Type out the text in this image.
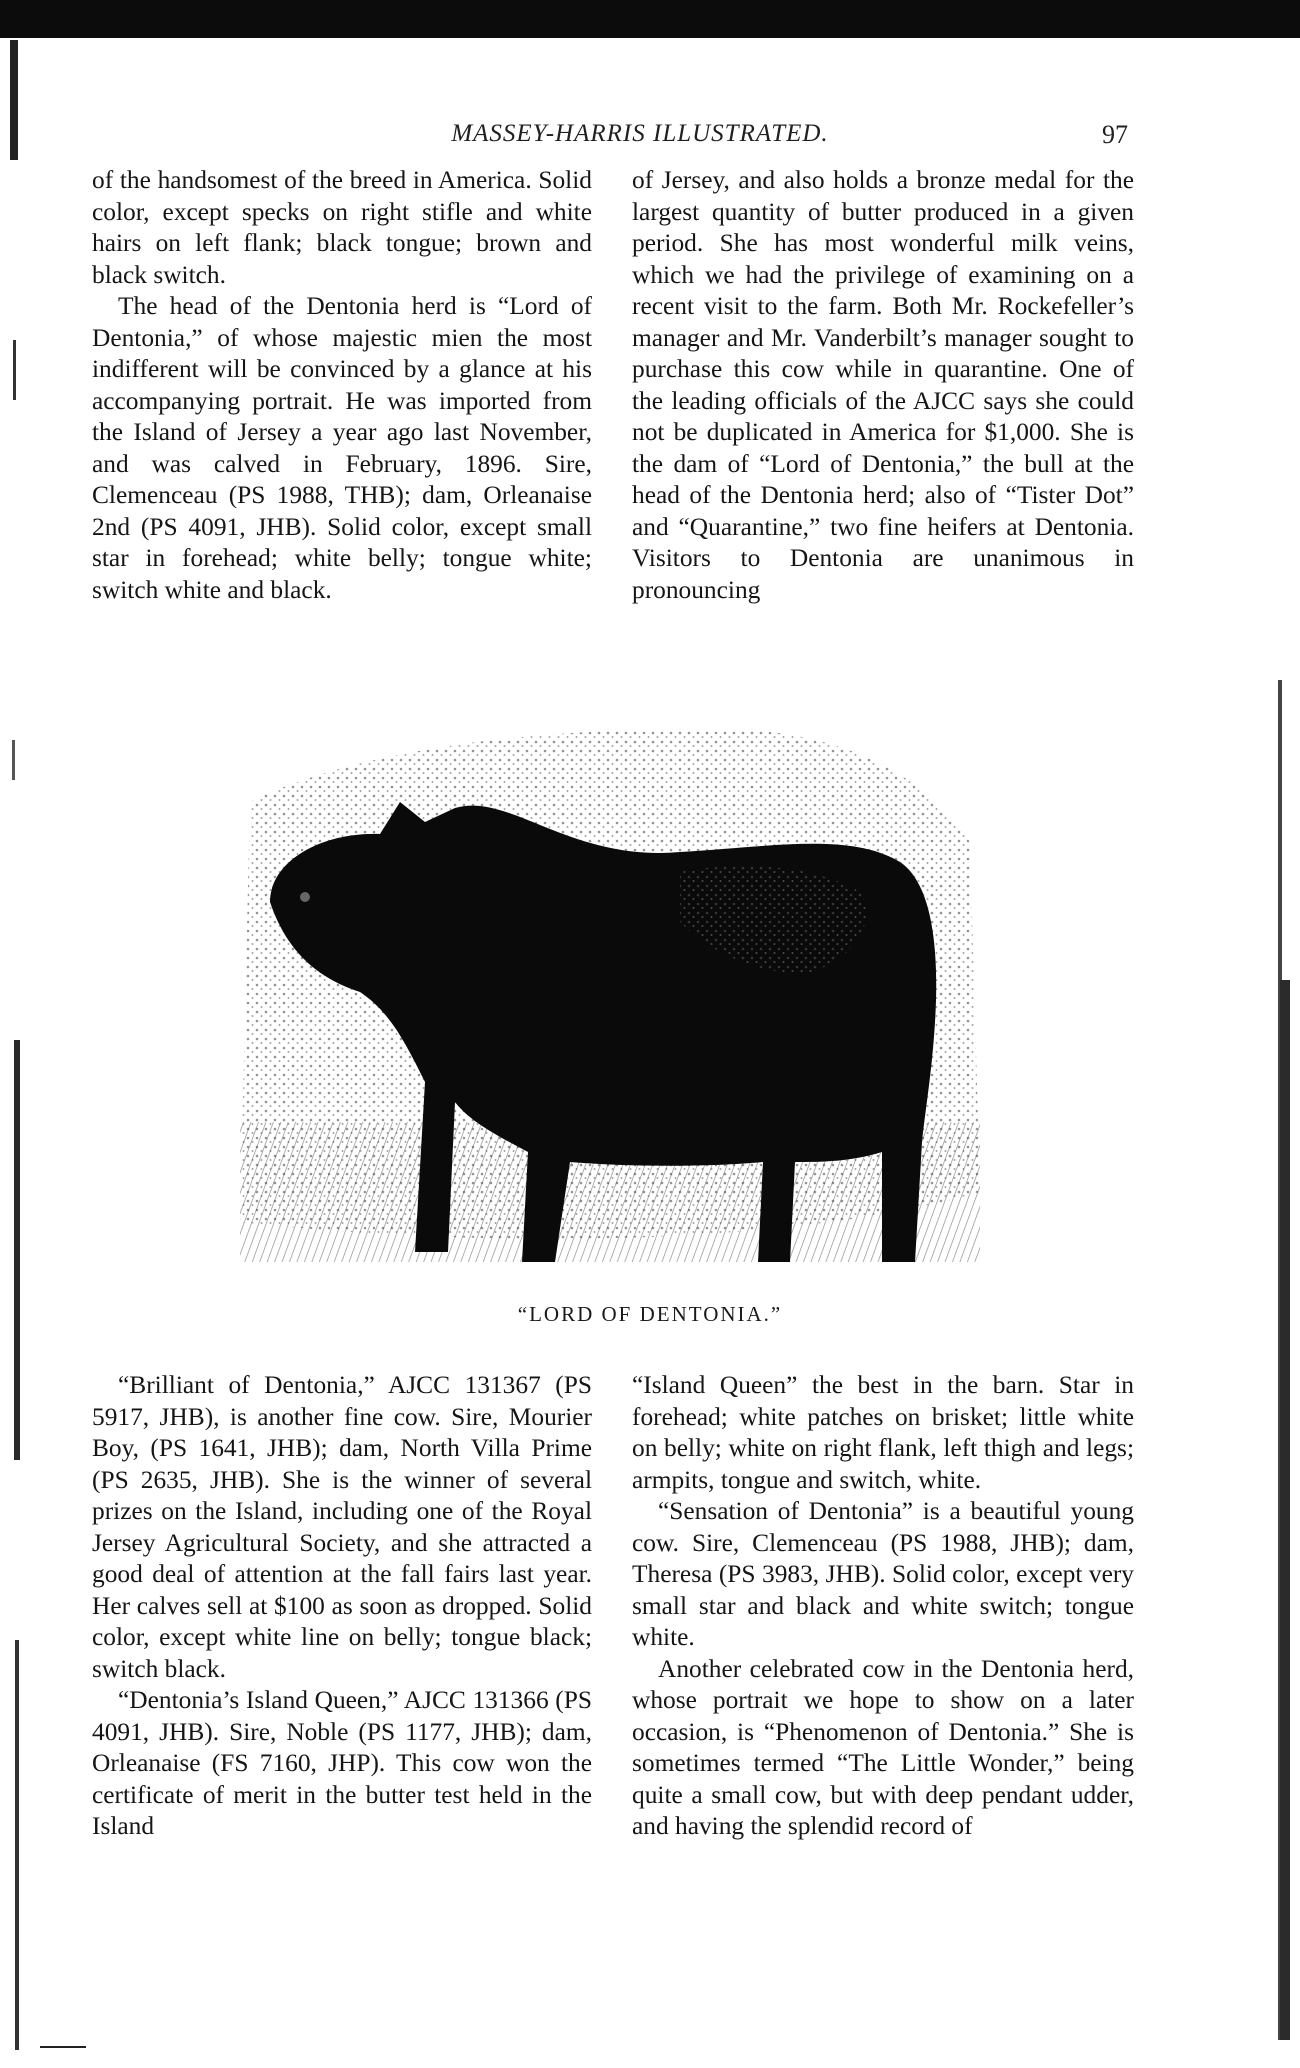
MASSEY-HARRIS ILLUSTRATED.	97

of the handsomest of the breed in America. Solid color, except specks on right stifle and white hairs on left flank; black tongue; brown and black switch.

The head of the Dentonia herd is “Lord of Dentonia,” of whose majestic mien the most indifferent will be convinced by a glance at his accompanying portrait. He was imported from the Island of Jersey a year ago last November, and was calved in February, 1896. Sire, Clemenceau (PS 1988, THB); dam, Orleanaise 2nd (PS 4091, JHB). Solid color, except small star in forehead; white belly; tongue white; switch white and black.

of Jersey, and also holds a bronze medal for the largest quantity of butter produced in a given period. She has most wonderful milk veins, which we had the privilege of examining on a recent visit to the farm. Both Mr. Rockefeller’s manager and Mr. Vanderbilt’s manager sought to purchase this cow while in quarantine. One of the leading officials of the AJCC says she could not be duplicated in America for $1,000. She is the dam of “Lord of Dentonia,” the bull at the head of the Dentonia herd; also of “Tister Dot” and “Quarantine,” two fine heifers at Dentonia. Visitors to Dentonia are unanimous in pronouncing

“LORD OF DENTONIA.”

“Brilliant of Dentonia,” AJCC 131367 (PS 5917, JHB), is another fine cow. Sire, Mourier Boy, (PS 1641, JHB); dam, North Villa Prime (PS 2635, JHB). She is the winner of several prizes on the Island, including one of the Royal Jersey Agricultural Society, and she attracted a good deal of attention at the fall fairs last year. Her calves sell at $100 as soon as dropped. Solid color, except white line on belly; tongue black; switch black.

“Dentonia’s Island Queen,” AJCC 131366 (PS 4091, JHB). Sire, Noble (PS 1177, JHB); dam, Orleanaise (FS 7160, JHP). This cow won the certificate of merit in the butter test held in the Island

“Island Queen” the best in the barn. Star in forehead; white patches on brisket; little white on belly; white on right flank, left thigh and legs; armpits, tongue and switch, white.

“Sensation of Dentonia” is a beautiful young cow. Sire, Clemenceau (PS 1988, JHB); dam, Theresa (PS 3983, JHB). Solid color, except very small star and black and white switch; tongue white.

Another celebrated cow in the Dentonia herd, whose portrait we hope to show on a later occasion, is “Phenomenon of Dentonia.” She is sometimes termed “The Little Wonder,” being quite a small cow, but with deep pendant udder, and having the splendid record of
